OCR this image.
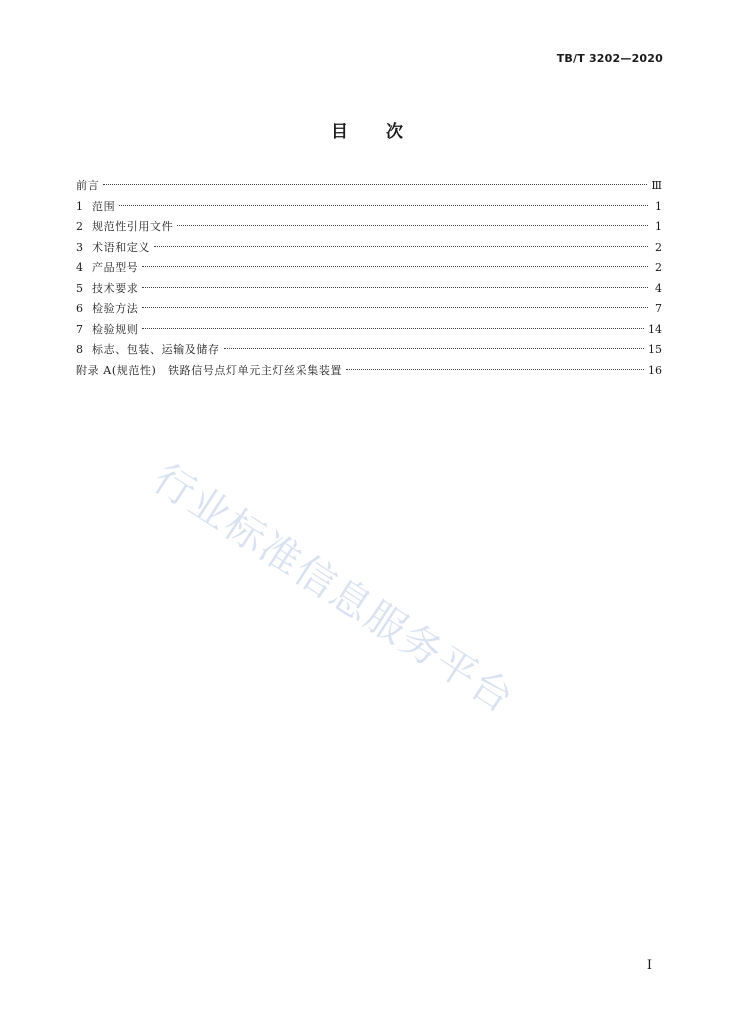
TB/T 3202—2020
目 次
前言	Ⅲ
1 范围	1
2 规范性引用文件	1
3 术语和定义	2
4 产品型号	2
5 技术要求	4
6 检验方法	7
7 检验规则	14
8 标志、包装、运输及储存	15
附录 A(规范性)　铁路信号点灯单元主灯丝采集装置	16
行业标准信息服务平台
I
